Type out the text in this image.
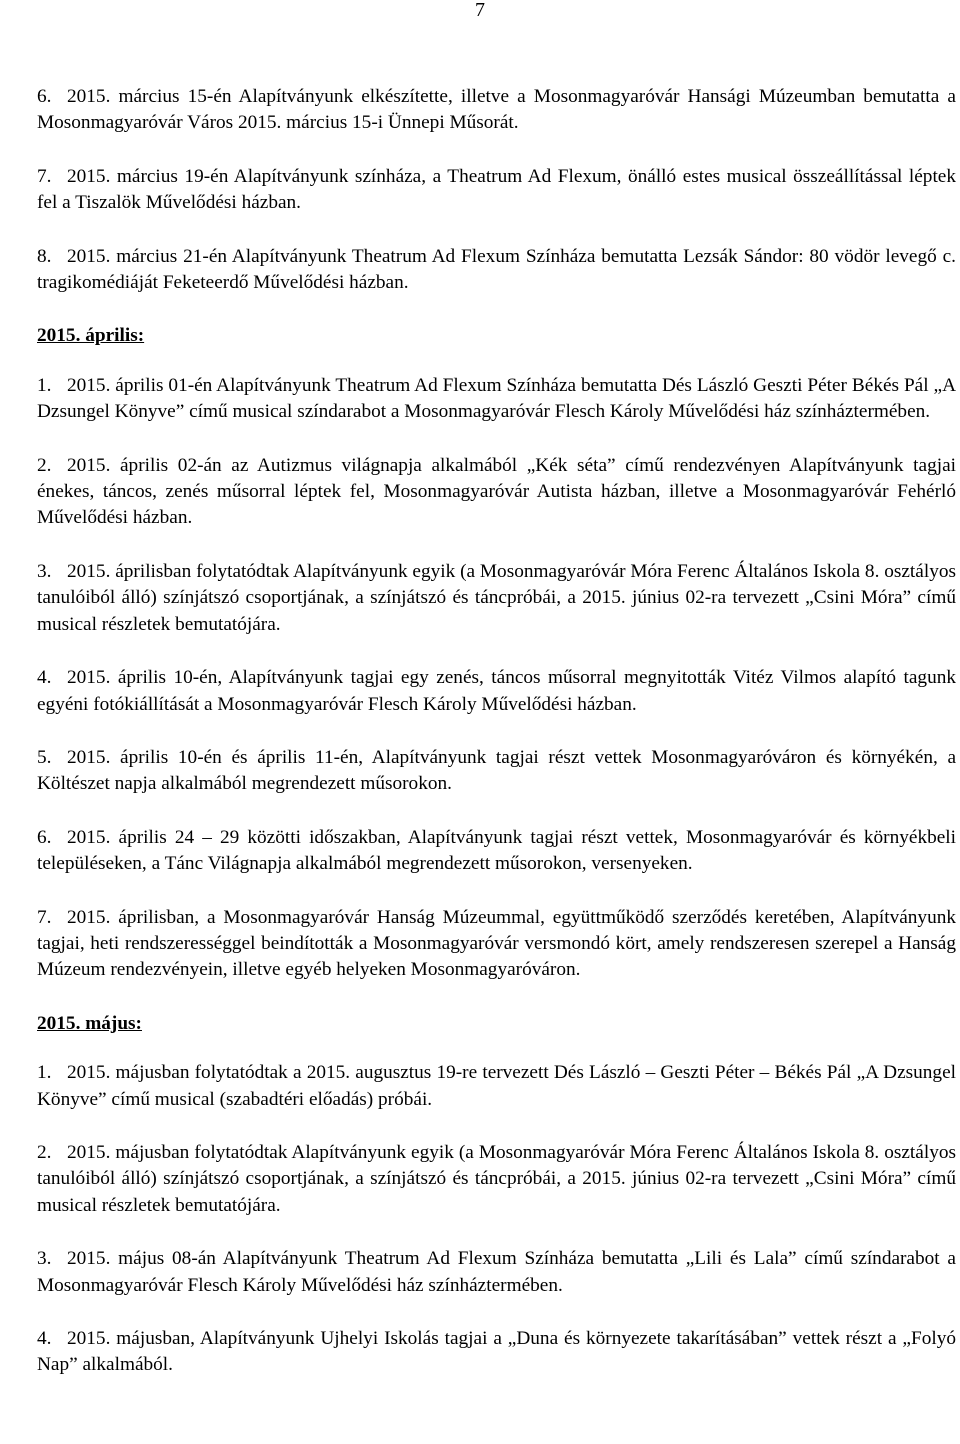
7
6. 2015. március 15-én Alapítványunk elkészítette, illetve a Mosonmagyaróvár Hansági Múzeumban bemutatta a Mosonmagyaróvár Város 2015. március 15-i Ünnepi Műsorát.
7. 2015. március 19-én Alapítványunk színháza, a Theatrum Ad Flexum, önálló estes musical összeállítással léptek fel a Tiszalök Művelődési házban.
8. 2015. március 21-én Alapítványunk Theatrum Ad Flexum Színháza bemutatta Lezsák Sándor: 80 vödör levegő c. tragikomédiáját Feketeerdő Művelődési házban.
2015. április:
1. 2015. április 01-én Alapítványunk Theatrum Ad Flexum Színháza bemutatta Dés László Geszti Péter Békés Pál „A Dzsungel Könyve” című musical színdarabot a Mosonmagyaróvár Flesch Károly Művelődési ház színháztermében.
2. 2015. április 02-án az Autizmus világnapja alkalmából „Kék séta” című rendezvényen Alapítványunk tagjai énekes, táncos, zenés műsorral léptek fel, Mosonmagyaróvár Autista házban, illetve a Mosonmagyaróvár Fehérló Művelődési házban.
3. 2015. áprilisban folytatódtak Alapítványunk egyik (a Mosonmagyaróvár Móra Ferenc Általános Iskola 8. osztályos tanulóiból álló) színjátszó csoportjának, a színjátszó és táncpróbái, a 2015. június 02-ra tervezett „Csini Móra” című musical részletek bemutatójára.
4. 2015. április 10-én, Alapítványunk tagjai egy zenés, táncos műsorral megnyitották Vitéz Vilmos alapító tagunk egyéni fotókiállítását a Mosonmagyaróvár Flesch Károly Művelődési házban.
5. 2015. április 10-én és április 11-én, Alapítványunk tagjai részt vettek Mosonmagyaróváron és környékén, a Költészet napja alkalmából megrendezett műsorokon.
6. 2015. április 24 – 29 közötti időszakban, Alapítványunk tagjai részt vettek, Mosonmagyaróvár és környékbeli településeken, a Tánc Világnapja alkalmából megrendezett műsorokon, versenyeken.
7. 2015. áprilisban, a Mosonmagyaróvár Hanság Múzeummal, együttműködő szerződés keretében, Alapítványunk tagjai, heti rendszerességgel beindították a Mosonmagyaróvár versmondó kört, amely rendszeresen szerepel a Hanság Múzeum rendezvényein, illetve egyéb helyeken Mosonmagyaróváron.
2015. május:
1. 2015. májusban folytatódtak a 2015. augusztus 19-re tervezett Dés László – Geszti Péter – Békés Pál „A Dzsungel Könyve” című musical (szabadtéri előadás) próbái.
2. 2015. májusban folytatódtak Alapítványunk egyik (a Mosonmagyaróvár Móra Ferenc Általános Iskola 8. osztályos tanulóiból álló) színjátszó csoportjának, a színjátszó és táncpróbái, a 2015. június 02-ra tervezett „Csini Móra” című musical részletek bemutatójára.
3. 2015. május 08-án Alapítványunk Theatrum Ad Flexum Színháza bemutatta „Lili és Lala” című színdarabot a Mosonmagyaróvár Flesch Károly Művelődési ház színháztermében.
4. 2015. májusban, Alapítványunk Ujhelyi Iskolás tagjai a „Duna és környezete takarításában” vettek részt a „Folyó Nap” alkalmából.
